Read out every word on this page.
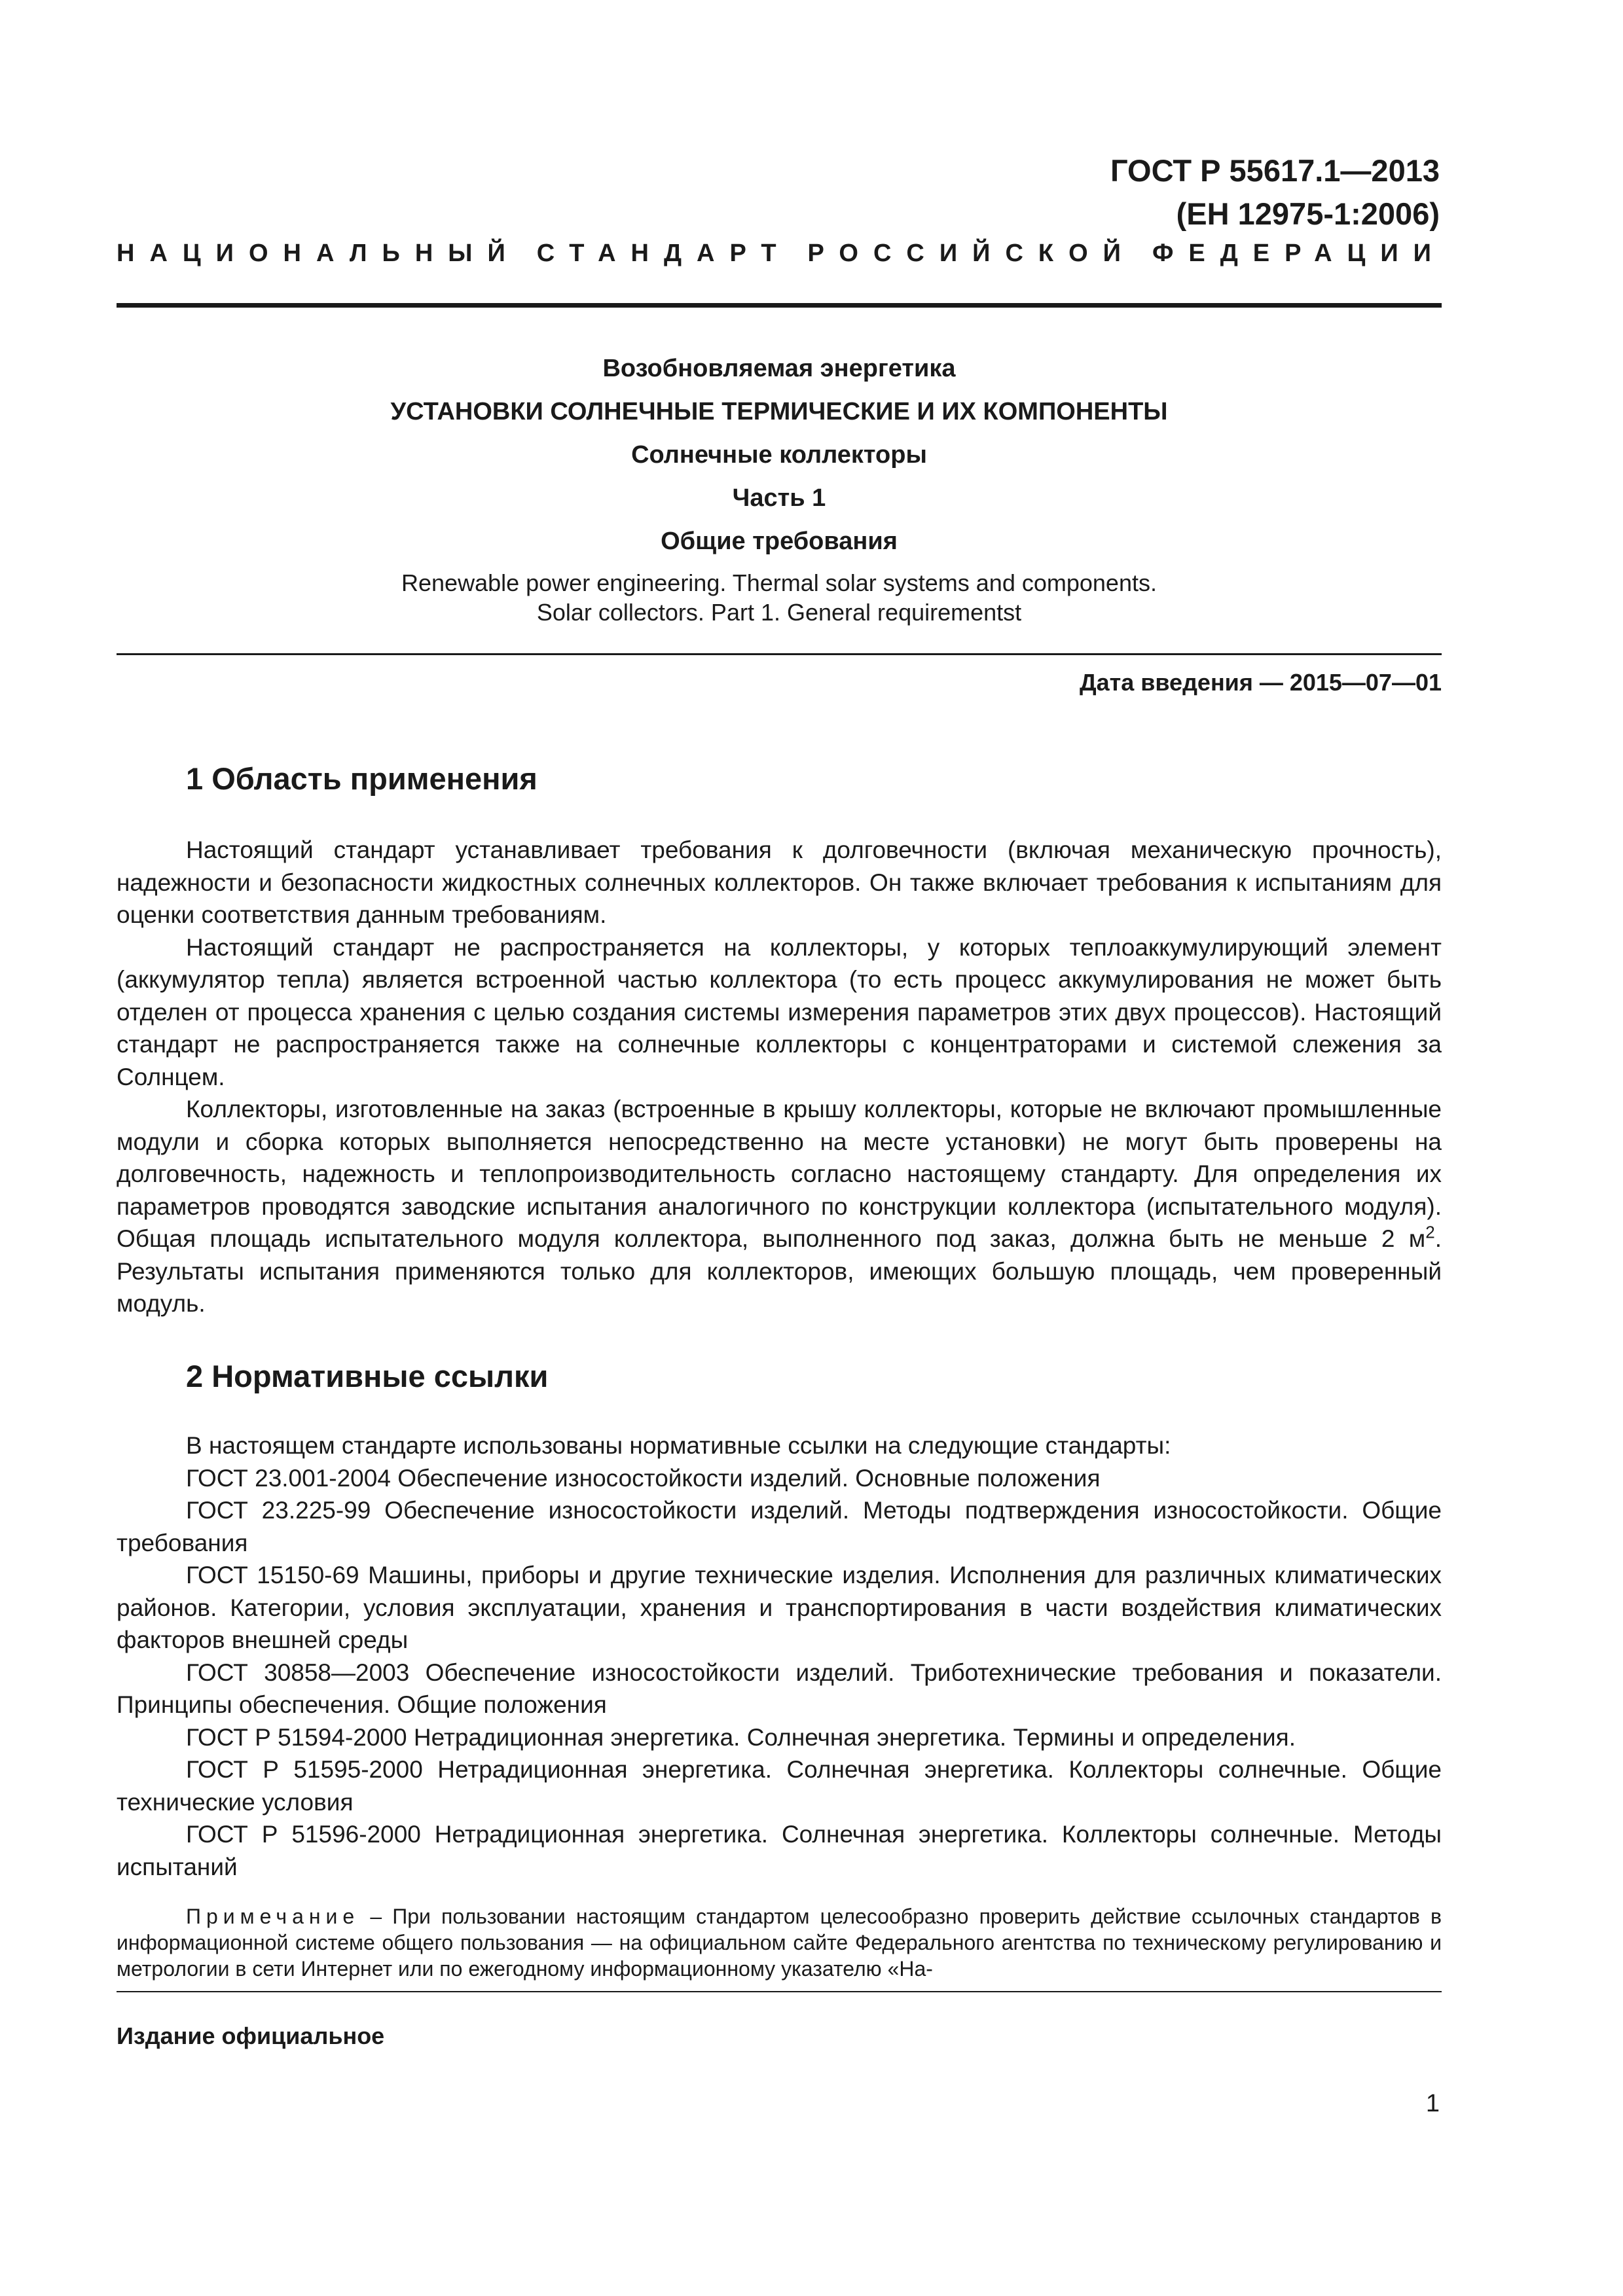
ГОСТ Р 55617.1—2013
(ЕН 12975-1:2006)
НАЦИОНАЛЬНЫЙ СТАНДАРТ РОССИЙСКОЙ ФЕДЕРАЦИИ
Возобновляемая энергетика
УСТАНОВКИ СОЛНЕЧНЫЕ ТЕРМИЧЕСКИЕ И ИХ КОМПОНЕНТЫ
Солнечные коллекторы
Часть 1
Общие требования
Renewable power engineering. Thermal solar systems and components.
Solar collectors. Part 1. General requirementst
Дата введения — 2015—07—01
1 Область применения

Настоящий стандарт устанавливает требования к долговечности (включая механическую прочность), надежности и безопасности жидкостных солнечных коллекторов. Он также включает требования к испытаниям для оценки соответствия данным требованиям.

Настоящий стандарт не распространяется на коллекторы, у которых теплоаккумулирующий элемент (аккумулятор тепла) является встроенной частью коллектора (то есть процесс аккумулирования не может быть отделен от процесса хранения с целью создания системы измерения параметров этих двух процессов). Настоящий стандарт не распространяется также на солнечные коллекторы с концентраторами и системой слежения за Солнцем.

Коллекторы, изготовленные на заказ (встроенные в крышу коллекторы, которые не включают промышленные модули и сборка которых выполняется непосредственно на месте установки) не могут быть проверены на долговечность, надежность и теплопроизводительность согласно настоящему стандарту. Для определения их параметров проводятся заводские испытания аналогичного по конструкции коллектора (испытательного модуля). Общая площадь испытательного модуля коллектора, выполненного под заказ, должна быть не меньше 2 $м^2$. Результаты испытания применяются только для коллекторов, имеющих большую площадь, чем проверенный модуль.

2 Нормативные ссылки

В настоящем стандарте использованы нормативные ссылки на следующие стандарты:

ГОСТ 23.001-2004 Обеспечение износостойкости изделий. Основные положения

ГОСТ 23.225-99 Обеспечение износостойкости изделий. Методы подтверждения износостойкости. Общие требования

ГОСТ 15150-69 Машины, приборы и другие технические изделия. Исполнения для различных климатических районов. Категории, условия эксплуатации, хранения и транспортирования в части воздействия климатических факторов внешней среды

ГОСТ 30858—2003 Обеспечение износостойкости изделий. Триботехнические требования и показатели. Принципы обеспечения. Общие положения

ГОСТ Р 51594-2000 Нетрадиционная энергетика. Солнечная энергетика. Термины и определения.

ГОСТ Р 51595-2000 Нетрадиционная энергетика. Солнечная энергетика. Коллекторы солнечные. Общие технические условия

ГОСТ Р 51596-2000 Нетрадиционная энергетика. Солнечная энергетика. Коллекторы солнечные. Методы испытаний

Примечание – При пользовании настоящим стандартом целесообразно проверить действие ссылочных стандартов в информационной системе общего пользования — на официальном сайте Федерального агентства по техническому регулированию и метрологии в сети Интернет или по ежегодному информационному указателю «На-
Издание официальное
1
